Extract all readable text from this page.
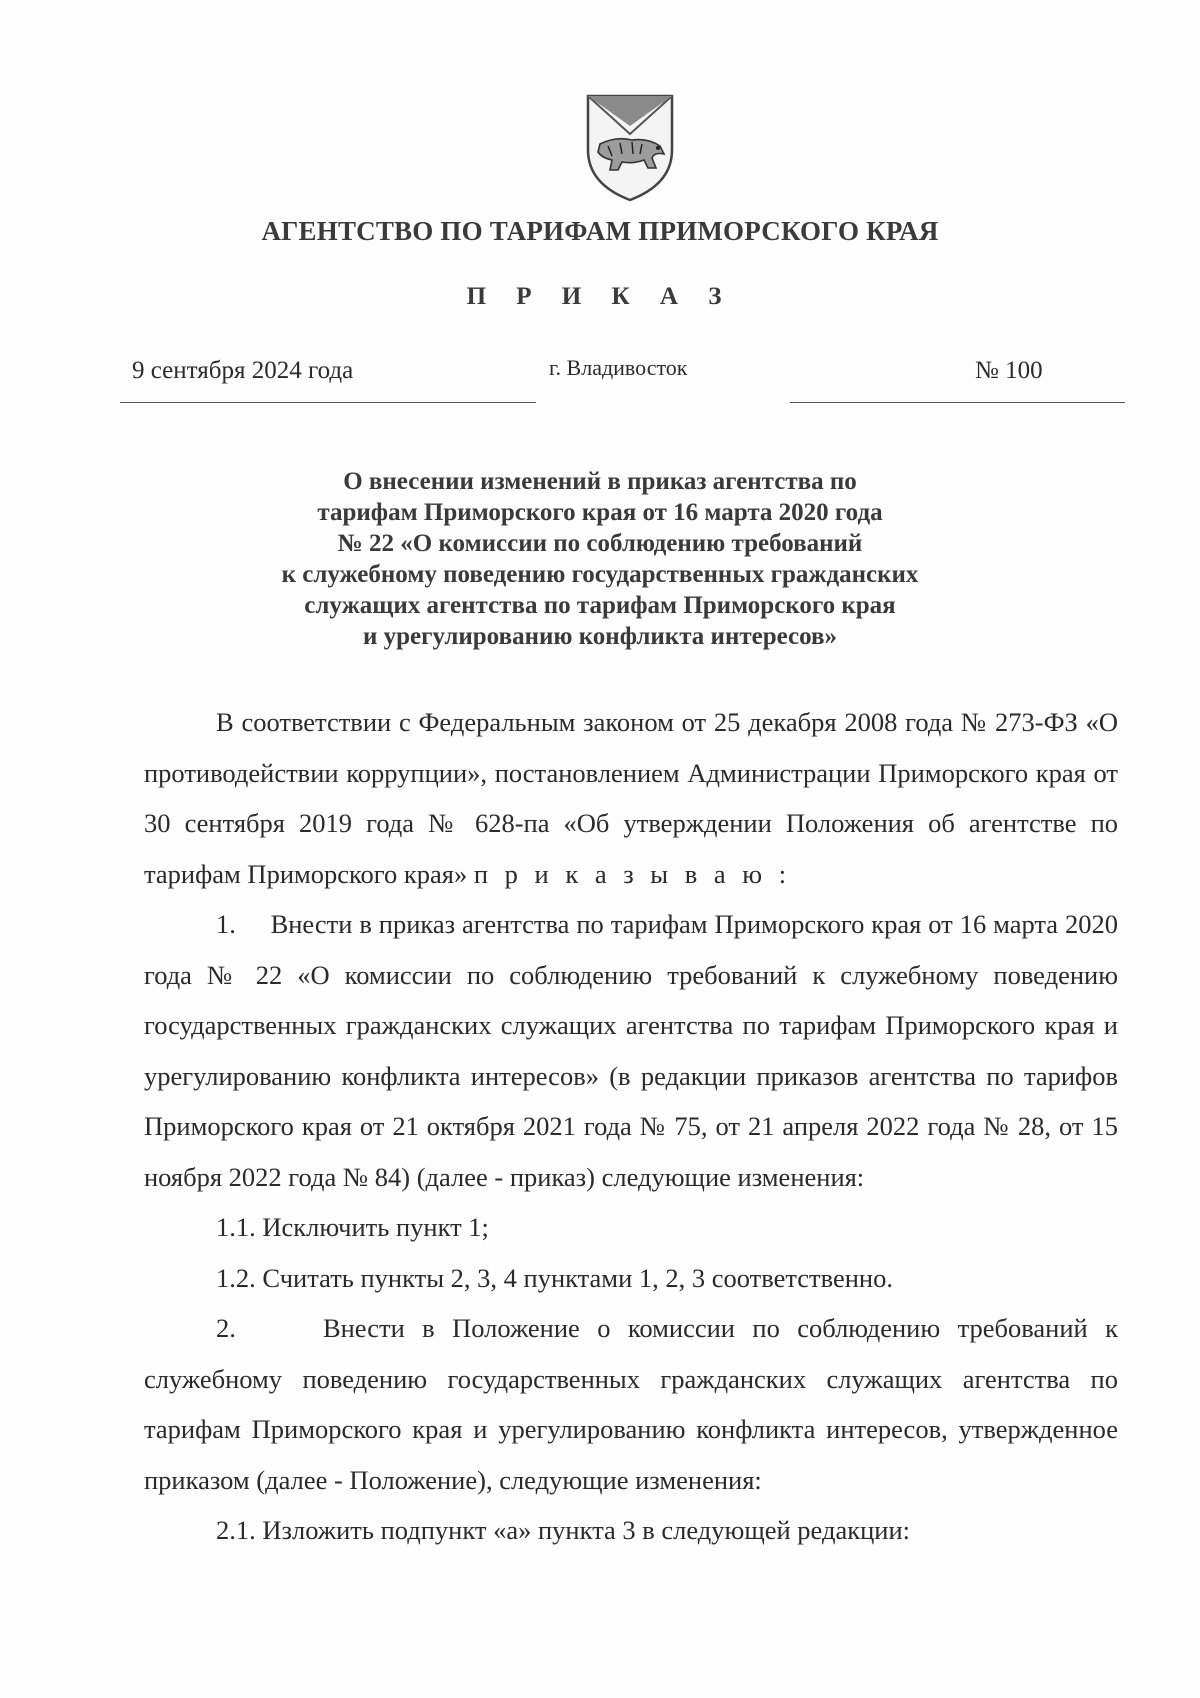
АГЕНТСТВО ПО ТАРИФАМ ПРИМОРСКОГО КРАЯ
П Р И К А З
9 сентября 2024 года	г. Владивосток	№ 100
О внесении изменений в приказ агентства по
тарифам Приморского края от 16 марта 2020 года
№ 22 «О комиссии по соблюдению требований
к служебному поведению государственных гражданских
служащих агентства по тарифам Приморского края
и урегулированию конфликта интересов»

В соответствии с Федеральным законом от 25 декабря 2008 года № 273-ФЗ «О противодействии коррупции», постановлением Администрации Приморского края от 30 сентября 2019 года № 628-па «Об утверждении Положения об агентстве по тарифам Приморского края» п р и к а з ы в а ю :

1.     Внести в приказ агентства по тарифам Приморского края от 16 марта 2020 года № 22 «О комиссии по соблюдению требований к служебному поведению государственных гражданских служащих агентства по тарифам Приморского края и урегулированию конфликта интересов» (в редакции приказов агентства по тарифов Приморского края от 21 октября 2021 года № 75, от 21 апреля 2022 года № 28, от 15 ноября 2022 года № 84) (далее - приказ) следующие изменения:

1.1. Исключить пункт 1;

1.2. Считать пункты 2, 3, 4 пунктами 1, 2, 3 соответственно.

2.     Внести в Положение о комиссии по соблюдению требований к служебному поведению государственных гражданских служащих агентства по тарифам Приморского края и урегулированию конфликта интересов, утвержденное приказом (далее - Положение), следующие изменения:

2.1. Изложить подпункт «а» пункта 3 в следующей редакции:
